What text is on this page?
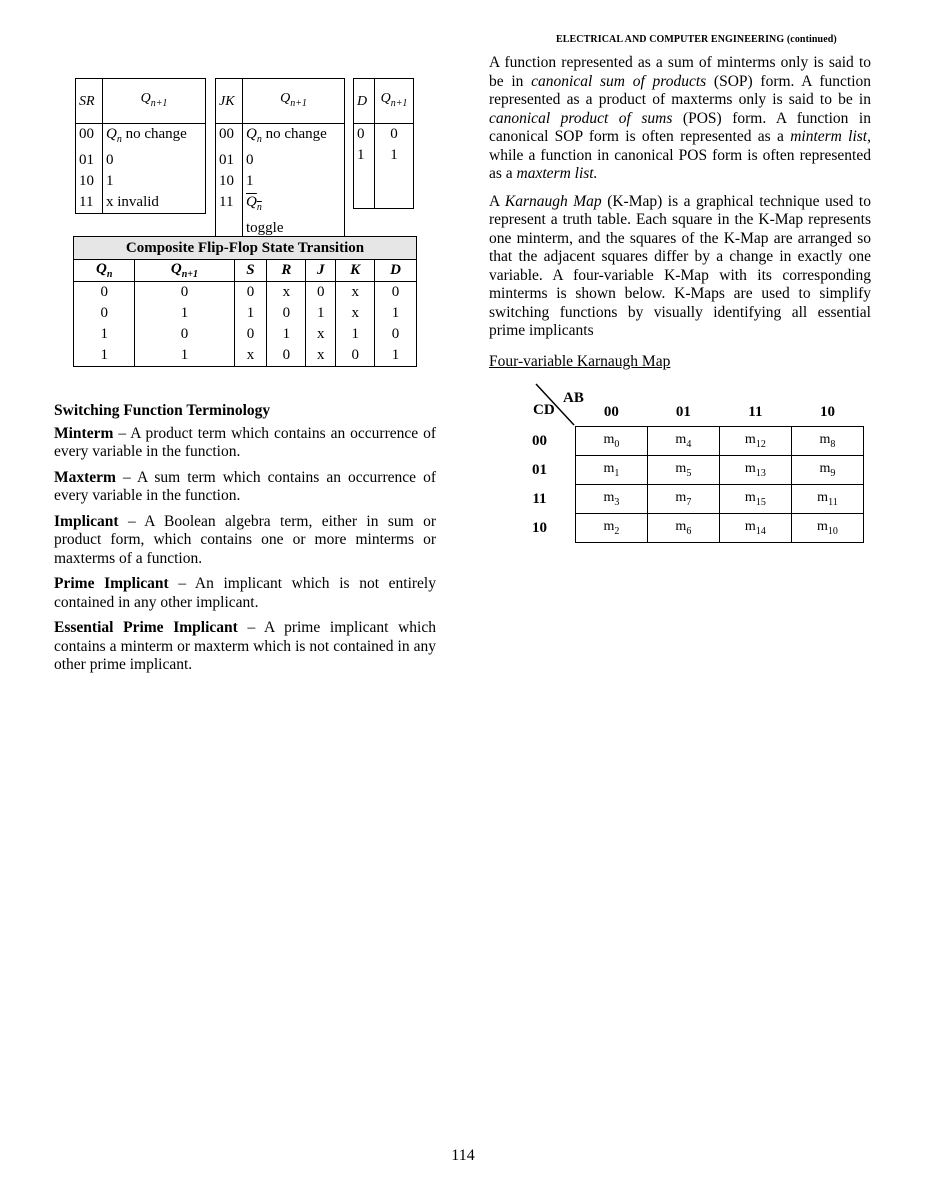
ELECTRICAL AND COMPUTER ENGINEERING (continued)
SR	$Q_{n+1}$
00	$Q_n$ no change
01	0
10	1
11	x invalid
JK	$Q_{n+1}$
00	$Q_n$ no change
01	0
10	1
11	$Q_ntoggle$
D	$Q_{n+1}$
0	0
1	1

Composite Flip-Flop State Transition						
$Q_n$	$Q_{n+1}$	S	R	J	K	D
0	0	0	x	0	x	0
0	1	1	0	1	x	1
1	0	0	1	x	1	0
1	1	x	0	x	0	1

Switching Function Terminology

Minterm – A product term which contains an occurrence of every variable in the function.

Maxterm – A sum term which contains an occurrence of every variable in the function.

Implicant – A Boolean algebra term, either in sum or product form, which contains one or more minterms or maxterms of a function.

Prime Implicant – An implicant which is not entirely contained in any other implicant.

Essential Prime Implicant – A prime implicant which contains a minterm or maxterm which is not contained in any other prime implicant.

A function represented as a sum of minterms only is said to be in canonical sum of products (SOP) form. A function represented as a product of maxterms only is said to be in canonical product of sums (POS) form. A function in canonical SOP form is often represented as a minterm list, while a function in canonical POS form is often represented as a maxterm list.

A Karnaugh Map (K-Map) is a graphical technique used to represent a truth table. Each square in the K-Map represents one minterm, and the squares of the K-Map are arranged so that the adjacent squares differ by a change in exactly one variable. A four-variable K-Map with its corresponding minterms is shown below. K-Maps are used to simplify switching functions by visually identifying all essential prime implicants

Four-variable Karnaugh Map

AB
CD
		00	01	11	10
00	$m_0$	$m_4$	$m_{12}$	$m_8$
01	$m_1$	$m_5$	$m_{13}$	$m_9$
11	$m_3$	$m_7$	$m_{15}$	$m_{11}$
10	$m_2$	$m_6$	$m_{14}$	$m_{10}$
114
